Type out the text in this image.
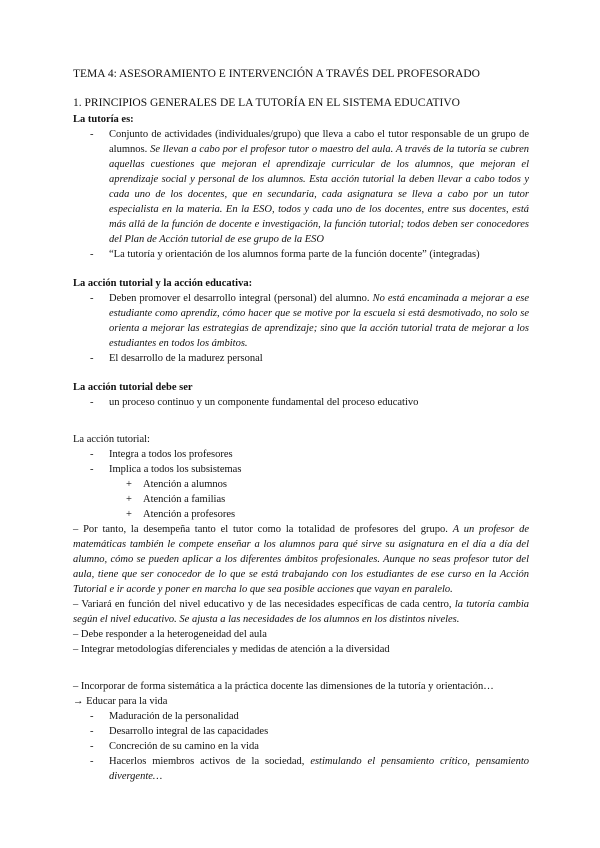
TEMA 4: ASESORAMIENTO E INTERVENCIÓN A TRAVÉS DEL PROFESORADO
1. PRINCIPIOS GENERALES DE LA TUTORÍA EN EL SISTEMA EDUCATIVO
La tutoría es:
- Conjunto de actividades (individuales/grupo) que lleva a cabo el tutor responsable de un grupo de alumnos. Se llevan a cabo por el profesor tutor o maestro del aula. A través de la tutoría se cubren aquellas cuestiones que mejoran el aprendizaje curricular de los alumnos, que mejoran el aprendizaje social y personal de los alumnos. Esta acción tutorial la deben llevar a cabo todos y cada uno de los docentes, que en secundaria, cada asignatura se lleva a cabo por un tutor especialista en la materia. En la ESO, todos y cada uno de los docentes, entre sus docentes, está más allá de la función de docente e investigación, la función tutorial; todos deben ser conocedores del Plan de Acción tutorial de ese grupo de la ESO
- “La tutoría y orientación de los alumnos forma parte de la función docente” (integradas)
La acción tutorial y la acción educativa:
- Deben promover el desarrollo integral (personal) del alumno. No está encaminada a mejorar a ese estudiante como aprendiz, cómo hacer que se motive por la escuela si está desmotivado, no solo se orienta a mejorar las estrategias de aprendizaje; sino que la acción tutorial trata de mejorar a los estudiantes en todos los ámbitos.
- El desarrollo de la madurez personal
La acción tutorial debe ser
- un proceso continuo y un componente fundamental del proceso educativo
La acción tutorial:
- Integra a todos los profesores
- Implica a todos los subsistemas
+ Atención a alumnos
+ Atención a familias
+ Atención a profesores
– Por tanto, la desempeña tanto el tutor como la totalidad de profesores del grupo. A un profesor de matemáticas también le compete enseñar a los alumnos para qué sirve su asignatura en el día a día del alumno, cómo se pueden aplicar a los diferentes ámbitos profesionales. Aunque no seas profesor tutor del aula, tiene que ser conocedor de lo que se está trabajando con los estudiantes de ese curso en la Acción Tutorial e ir acorde y poner en marcha lo que sea posible acciones que vayan en paralelo.
– Variará en función del nivel educativo y de las necesidades específicas de cada centro, la tutoría cambia según el nivel educativo. Se ajusta a las necesidades de los alumnos en los distintos niveles.
– Debe responder a la heterogeneidad del aula
– Integrar metodologías diferenciales y medidas de atención a la diversidad
– Incorporar de forma sistemática a la práctica docente las dimensiones de la tutoría y orientación…
→ Educar para la vida
- Maduración de la personalidad
- Desarrollo integral de las capacidades
- Concreción de su camino en la vida
- Hacerlos miembros activos de la sociedad, estimulando el pensamiento crítico, pensamiento divergente…
